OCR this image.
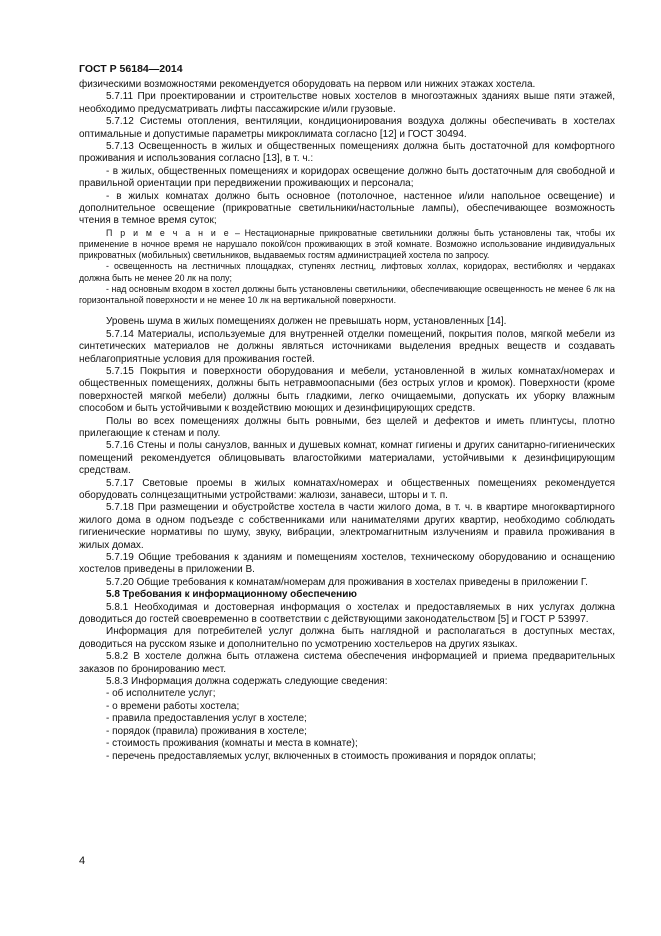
ГОСТ Р 56184—2014

физическими возможностями рекомендуется оборудовать на первом или нижних этажах хостела.

5.7.11 При проектировании и строительстве новых хостелов в многоэтажных зданиях выше пяти этажей, необходимо предусматривать лифты пассажирские и/или грузовые.

5.7.12 Системы отопления, вентиляции, кондиционирования воздуха должны обеспечивать в хостелах оптимальные и допустимые параметры микроклимата согласно [12] и ГОСТ 30494.

5.7.13 Освещенность в жилых и общественных помещениях должна быть достаточной для комфортного проживания и использования согласно [13], в т. ч.:

- в жилых, общественных помещениях и коридорах освещение должно быть достаточным для свободной и правильной ориентации при передвижении проживающих и персонала;

- в жилых комнатах должно быть основное (потолочное, настенное и/или напольное освещение) и дополнительное освещение (прикроватные светильники/настольные лампы), обеспечивающее возможность чтения в темное время суток;

П р и м е ч а н и е – Нестационарные прикроватные светильники должны быть установлены так, чтобы их применение в ночное время не нарушало покой/сон проживающих в этой комнате. Возможно использование индивидуальных прикроватных (мобильных) светильников, выдаваемых гостям администрацией хостела по запросу.

- освещенность на лестничных площадках, ступенях лестниц, лифтовых холлах, коридорах, вестибюлях и чердаках должна быть не менее 20 лк на полу;

- над основным входом в хостел должны быть установлены светильники, обеспечивающие освещенность не менее 6 лк на горизонтальной поверхности и не менее 10 лк на вертикальной поверхности.

Уровень шума в жилых помещениях должен не превышать норм, установленных [14].

5.7.14 Материалы, используемые для внутренней отделки помещений, покрытия полов, мягкой мебели из синтетических материалов не должны являться источниками выделения вредных веществ и создавать неблагоприятные условия для проживания гостей.

5.7.15 Покрытия и поверхности оборудования и мебели, установленной в жилых комнатах/номерах и общественных помещениях, должны быть нетравмоопасными (без острых углов и кромок). Поверхности (кроме поверхностей мягкой мебели) должны быть гладкими, легко очищаемыми, допускать их уборку влажным способом и быть устойчивыми к воздействию моющих и дезинфицирующих средств.

Полы во всех помещениях должны быть ровными, без щелей и дефектов и иметь плинтусы, плотно прилегающие к стенам и полу.

5.7.16 Стены и полы санузлов, ванных и душевых комнат, комнат гигиены и других санитарно-гигиенических помещений рекомендуется облицовывать влагостойкими материалами, устойчивыми к дезинфицирующим средствам.

5.7.17 Световые проемы в жилых комнатах/номерах и общественных помещениях рекомендуется оборудовать солнцезащитными устройствами: жалюзи, занавеси, шторы и т. п.

5.7.18 При размещении и обустройстве хостела в части жилого дома, в т. ч. в квартире многоквартирного жилого дома в одном подъезде с собственниками или нанимателями других квартир, необходимо соблюдать гигиенические нормативы по шуму, звуку, вибрации, электромагнитным излучениям и правила проживания в жилых домах.

5.7.19 Общие требования к зданиям и помещениям хостелов, техническому оборудованию и оснащению хостелов приведены в приложении В.

5.7.20 Общие требования к комнатам/номерам для проживания в хостелах приведены в приложении Г.

5.8 Требования к информационному обеспечению

5.8.1 Необходимая и достоверная информация о хостелах и предоставляемых в них услугах должна доводиться до гостей своевременно в соответствии с действующими законодательством [5] и ГОСТ Р 53997.

Информация для потребителей услуг должна быть наглядной и располагаться в доступных местах, доводиться на русском языке и дополнительно по усмотрению хостельеров на других языках.

5.8.2 В хостеле должна быть отлажена система обеспечения информацией и приема предварительных заказов по бронированию мест.

5.8.3 Информация должна содержать следующие сведения:

- об исполнителе услуг;

- о времени работы хостела;

- правила предоставления услуг в хостеле;

- порядок (правила) проживания в хостеле;

- стоимость проживания (комнаты и места в комнате);

- перечень предоставляемых услуг, включенных в стоимость проживания и порядок оплаты;

4
